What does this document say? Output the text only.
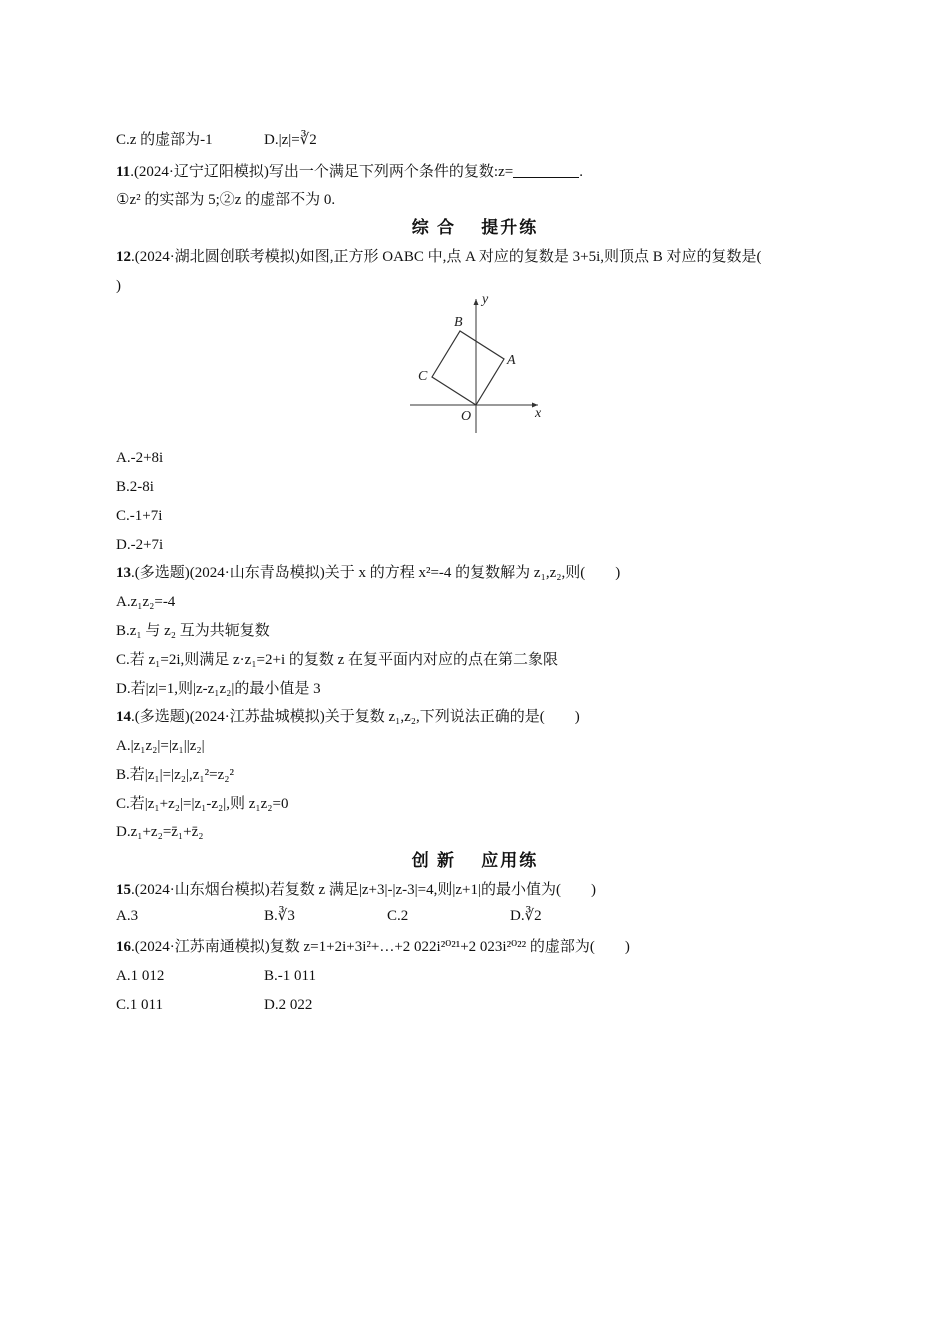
C.z 的虚部为-1	D.|z|=∛2
11.(2024·辽宁辽阳模拟)写出一个满足下列两个条件的复数:z=	.
①z² 的实部为 5;②z 的虚部不为 0.
综 合　 提升练
12.(2024·湖北圆创联考模拟)如图,正方形 OABC 中,点 A 对应的复数是 3+5i,则顶点 B 对应的复数是(
)
y
x
B
A
C
O
A.-2+8i
B.2-8i
C.-1+7i
D.-2+7i
13.(多选题)(2024·山东青岛模拟)关于 x 的方程 x²=-4 的复数解为 z₁,z₂,则(　　)
A.z₁z₂=-4
B.z₁ 与 z₂ 互为共轭复数
C.若 z₁=2i,则满足 z·z₁=2+i 的复数 z 在复平面内对应的点在第二象限
D.若|z|=1,则|z-z₁z₂|的最小值是 3
14.(多选题)(2024·江苏盐城模拟)关于复数 z₁,z₂,下列说法正确的是(　　)
A.|z₁z₂|=|z₁||z₂|
B.若|z₁|=|z₂|,z₁²=z₂²
C.若|z₁+z₂|=|z₁-z₂|,则 z₁z₂=0
D.z₁+z₂=z̄₁+z̄₂
创 新　 应用练
15.(2024·山东烟台模拟)若复数 z 满足|z+3|-|z-3|=4,则|z+1|的最小值为(　　)
A.3	B.∛3	C.2	D.∛2
16.(2024·江苏南通模拟)复数 z=1+2i+3i²+…+2 022i²⁰²¹+2 023i²⁰²² 的虚部为(　　)
A.1 012	B.-1 011
C.1 011	D.2 022
